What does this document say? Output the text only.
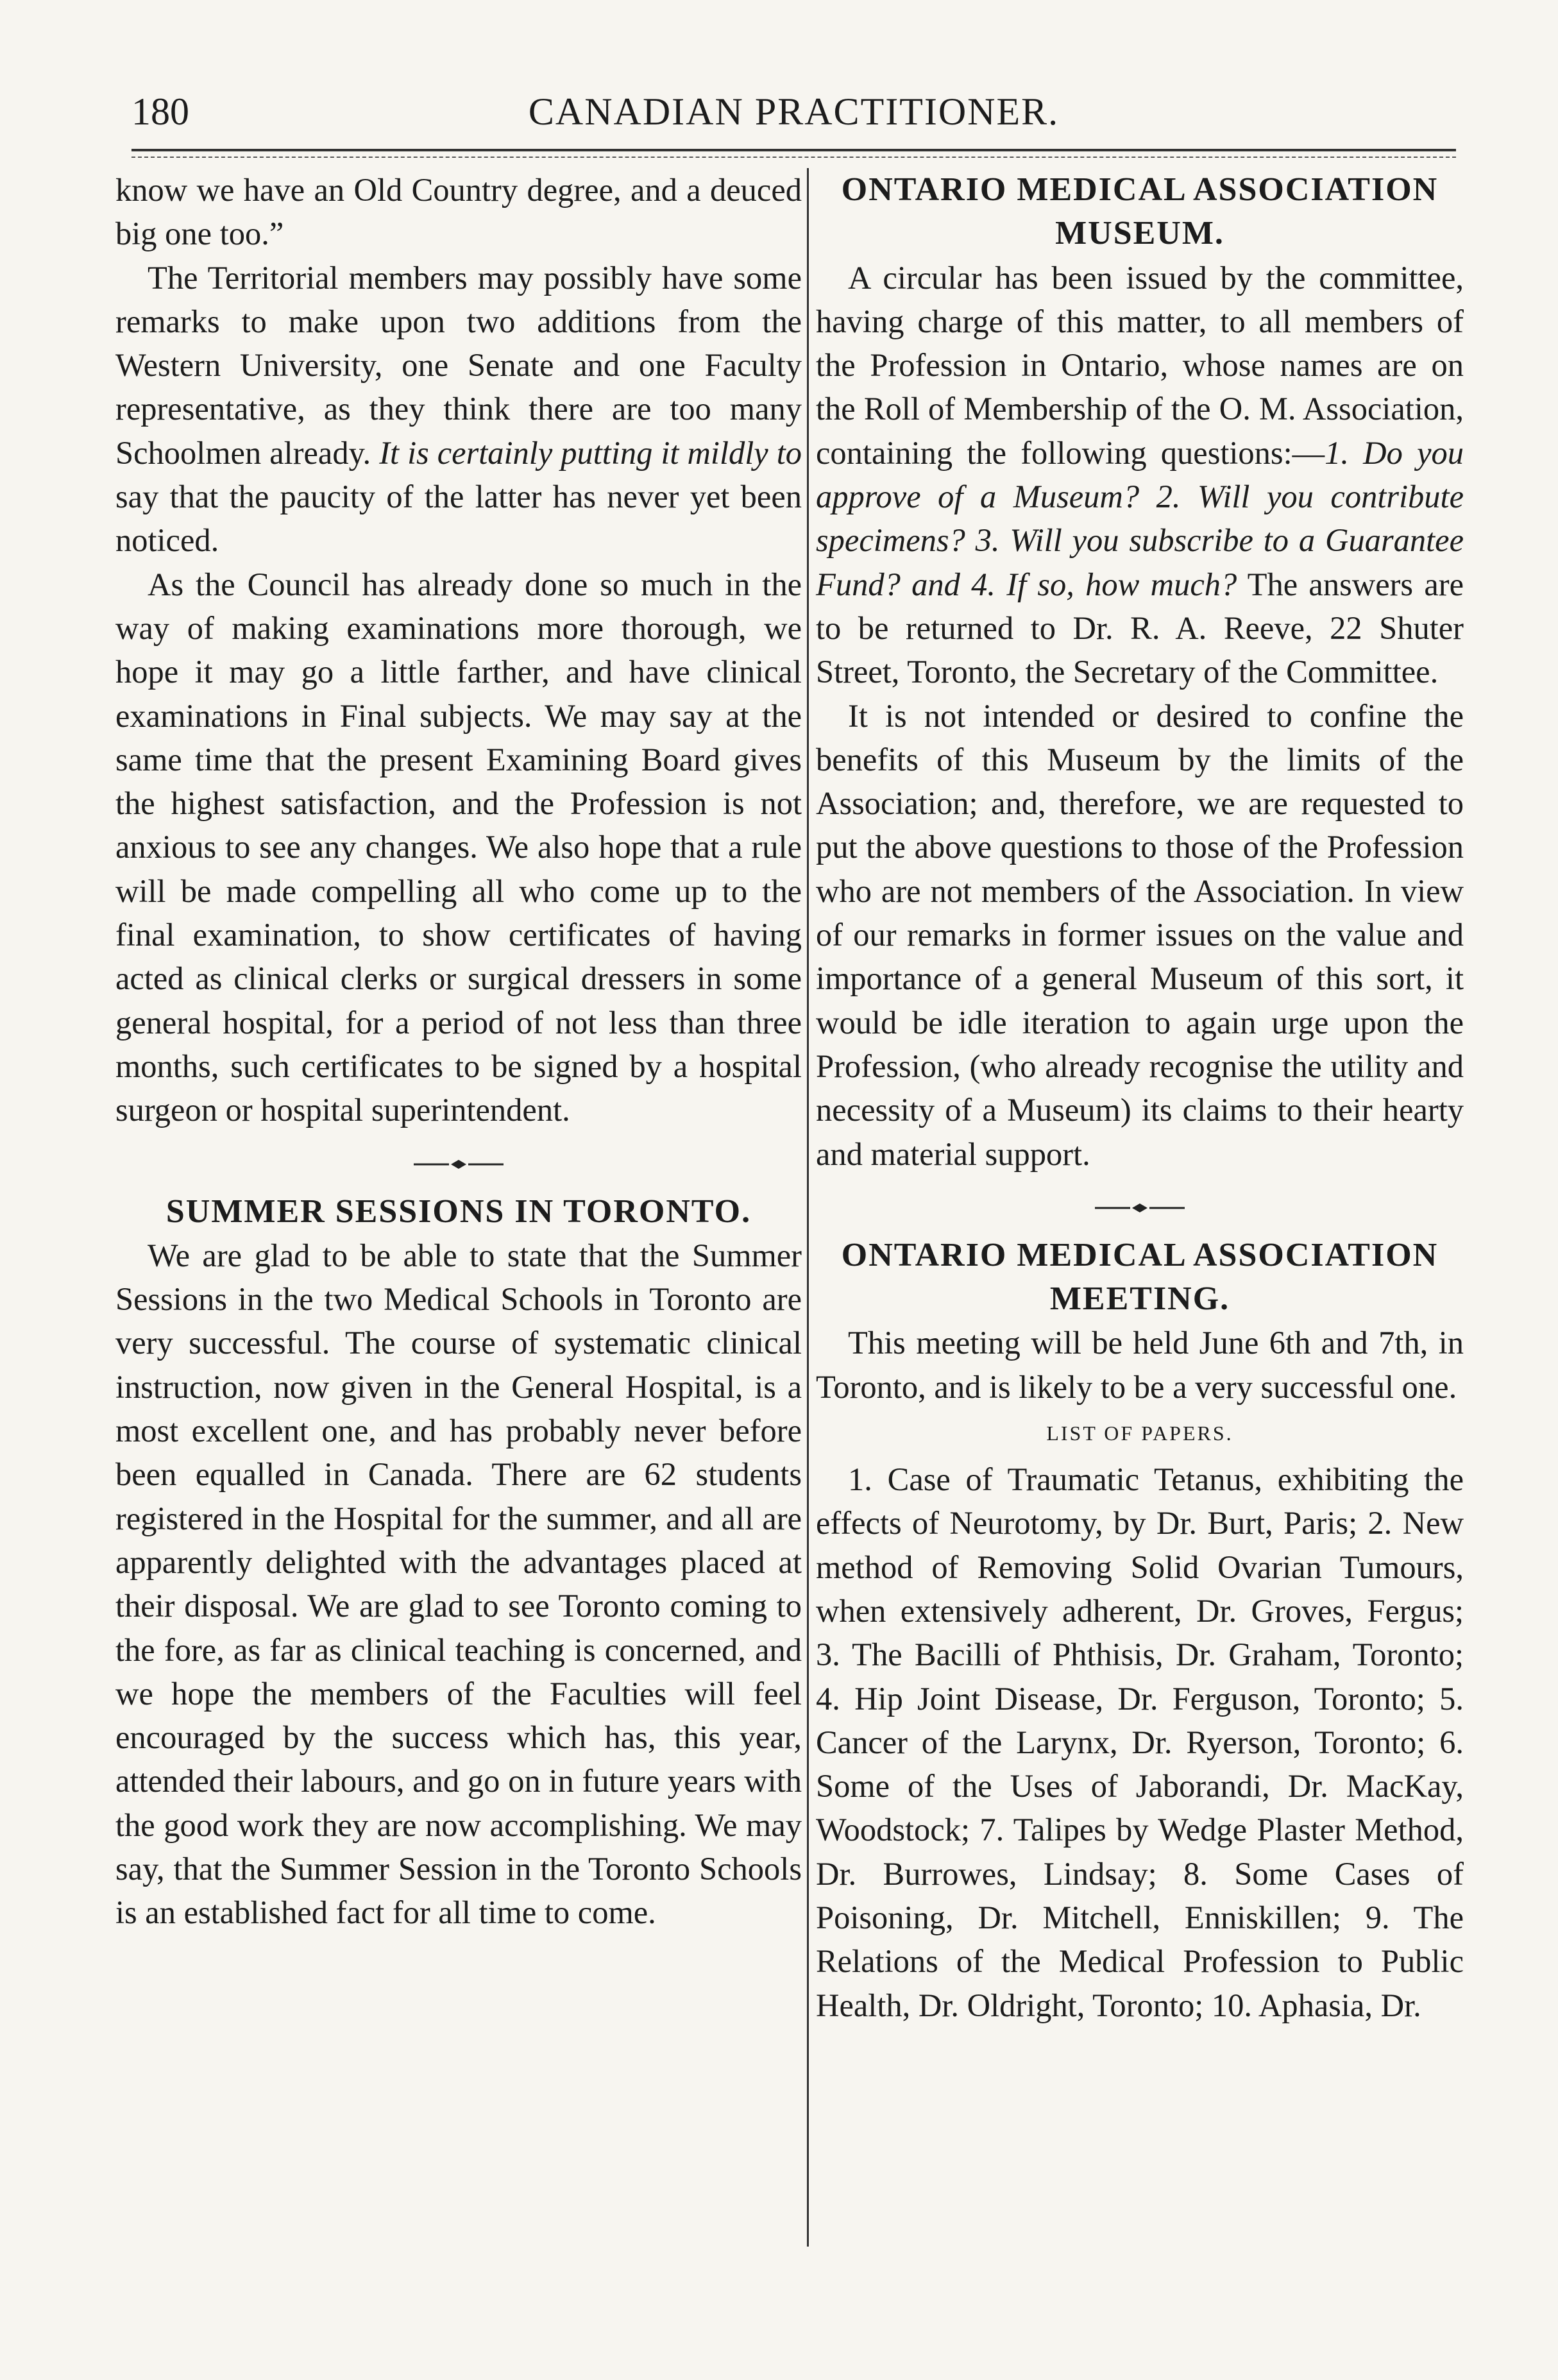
180	CANADIAN PRACTITIONER.

know we have an Old Country degree, and a deuced big one too.”

The Territorial members may possibly have some remarks to make upon two additions from the Western University, one Senate and one Faculty representative, as they think there are too many Schoolmen already. It is certainly putting it mildly to say that the paucity of the latter has never yet been noticed.

As the Council has already done so much in the way of making examinations more thorough, we hope it may go a little farther, and have clinical examinations in Final subjects. We may say at the same time that the present Examining Board gives the highest satisfaction, and the Profession is not anxious to see any changes. We also hope that a rule will be made compelling all who come up to the final examination, to show certificates of having acted as clinical clerks or surgical dressers in some general hospital, for a period of not less than three months, such certificates to be signed by a hospital surgeon or hospital superintendent.

SUMMER SESSIONS IN TORONTO.

We are glad to be able to state that the Summer Sessions in the two Medical Schools in Toronto are very successful. The course of systematic clinical instruction, now given in the General Hospital, is a most excellent one, and has probably never before been equalled in Canada. There are 62 students registered in the Hospital for the summer, and all are apparently delighted with the advantages placed at their disposal. We are glad to see Toronto coming to the fore, as far as clinical teaching is concerned, and we hope the members of the Faculties will feel encouraged by the success which has, this year, attended their labours, and go on in future years with the good work they are now accomplishing. We may say, that the Summer Session in the Toronto Schools is an established fact for all time to come.

ONTARIO MEDICAL ASSOCIATION MUSEUM.

A circular has been issued by the committee, having charge of this matter, to all members of the Profession in Ontario, whose names are on the Roll of Membership of the O. M. Association, containing the following questions:—1. Do you approve of a Museum? 2. Will you contribute specimens? 3. Will you subscribe to a Guarantee Fund? and 4. If so, how much? The answers are to be returned to Dr. R. A. Reeve, 22 Shuter Street, Toronto, the Secretary of the Committee.

It is not intended or desired to confine the benefits of this Museum by the limits of the Association; and, therefore, we are requested to put the above questions to those of the Profession who are not members of the Association. In view of our remarks in former issues on the value and importance of a general Museum of this sort, it would be idle iteration to again urge upon the Profession, (who already recognise the utility and necessity of a Museum) its claims to their hearty and material support.

ONTARIO MEDICAL ASSOCIATION MEETING.

This meeting will be held June 6th and 7th, in Toronto, and is likely to be a very successful one.

LIST OF PAPERS.

1. Case of Traumatic Tetanus, exhibiting the effects of Neurotomy, by Dr. Burt, Paris; 2. New method of Removing Solid Ovarian Tumours, when extensively adherent, Dr. Groves, Fergus; 3. The Bacilli of Phthisis, Dr. Graham, Toronto; 4. Hip Joint Disease, Dr. Ferguson, Toronto; 5. Cancer of the Larynx, Dr. Ryerson, Toronto; 6. Some of the Uses of Jaborandi, Dr. MacKay, Woodstock; 7. Talipes by Wedge Plaster Method, Dr. Burrowes, Lindsay; 8. Some Cases of Poisoning, Dr. Mitchell, Enniskillen; 9. The Relations of the Medical Profession to Public Health, Dr. Oldright, Toronto; 10. Aphasia, Dr.
